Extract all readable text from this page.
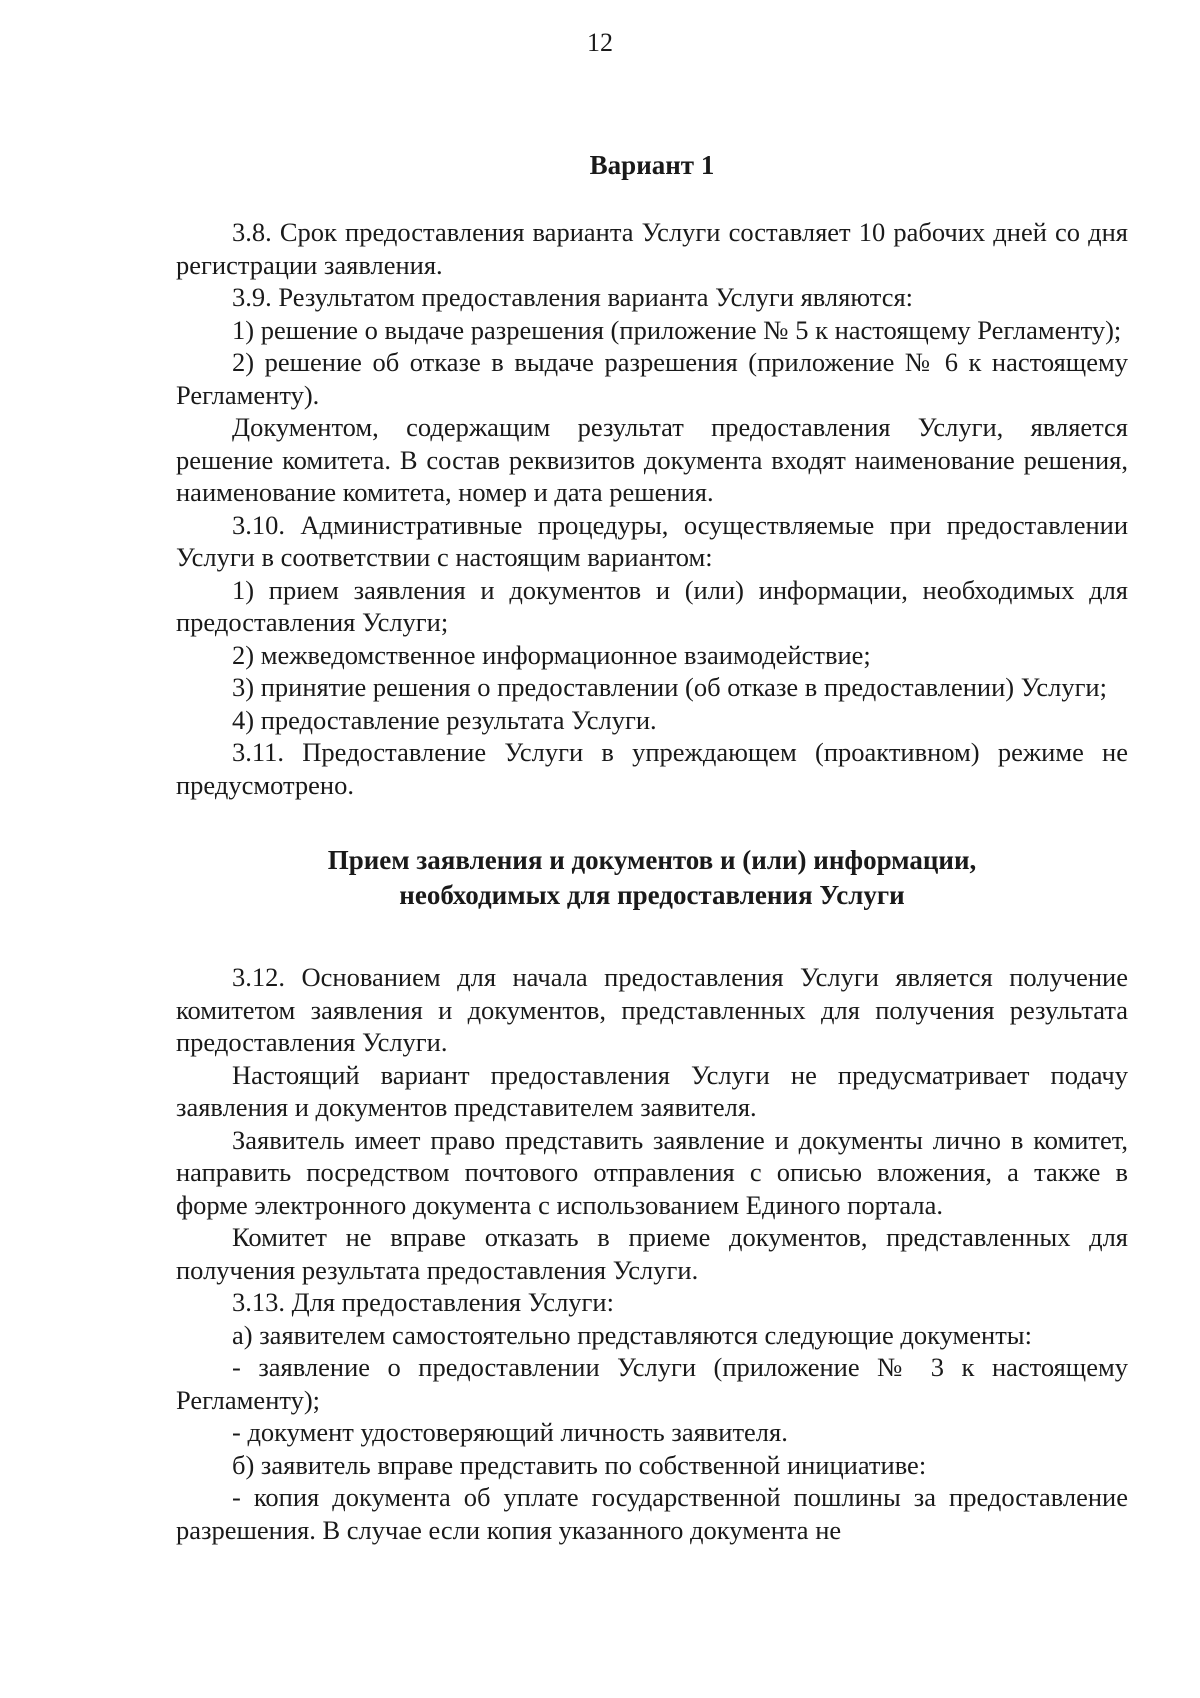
12

Вариант 1

3.8. Срок предоставления варианта Услуги составляет 10 рабочих дней со дня регистрации заявления.

3.9. Результатом предоставления варианта Услуги являются:

1) решение о выдаче разрешения (приложение № 5 к настоящему Регламенту);

2) решение об отказе в выдаче разрешения (приложение № 6 к настоящему Регламенту).

Документом, содержащим результат предоставления Услуги, является решение комитета. В состав реквизитов документа входят наименование решения, наименование комитета, номер и дата решения.

3.10. Административные процедуры, осуществляемые при предоставлении Услуги в соответствии с настоящим вариантом:

1) прием заявления и документов и (или) информации, необходимых для предоставления Услуги;

2) межведомственное информационное взаимодействие;

3) принятие решения о предоставлении (об отказе в предоставлении) Услуги;

4) предоставление результата Услуги.

3.11. Предоставление Услуги в упреждающем (проактивном) режиме не предусмотрено.

Прием заявления и документов и (или) информации,
необходимых для предоставления Услуги

3.12. Основанием для начала предоставления Услуги является получение комитетом заявления и документов, представленных для получения результата предоставления Услуги.

Настоящий вариант предоставления Услуги не предусматривает подачу заявления и документов представителем заявителя.

Заявитель имеет право представить заявление и документы лично в комитет, направить посредством почтового отправления с описью вложения, а также в форме электронного документа с использованием Единого портала.

Комитет не вправе отказать в приеме документов, представленных для получения результата предоставления Услуги.

3.13. Для предоставления Услуги:

а) заявителем самостоятельно представляются следующие документы:

- заявление о предоставлении Услуги (приложение № 3 к настоящему Регламенту);

- документ удостоверяющий личность заявителя.

б) заявитель вправе представить по собственной инициативе:

- копия документа об уплате государственной пошлины за предоставление разрешения. В случае если копия указанного документа не
